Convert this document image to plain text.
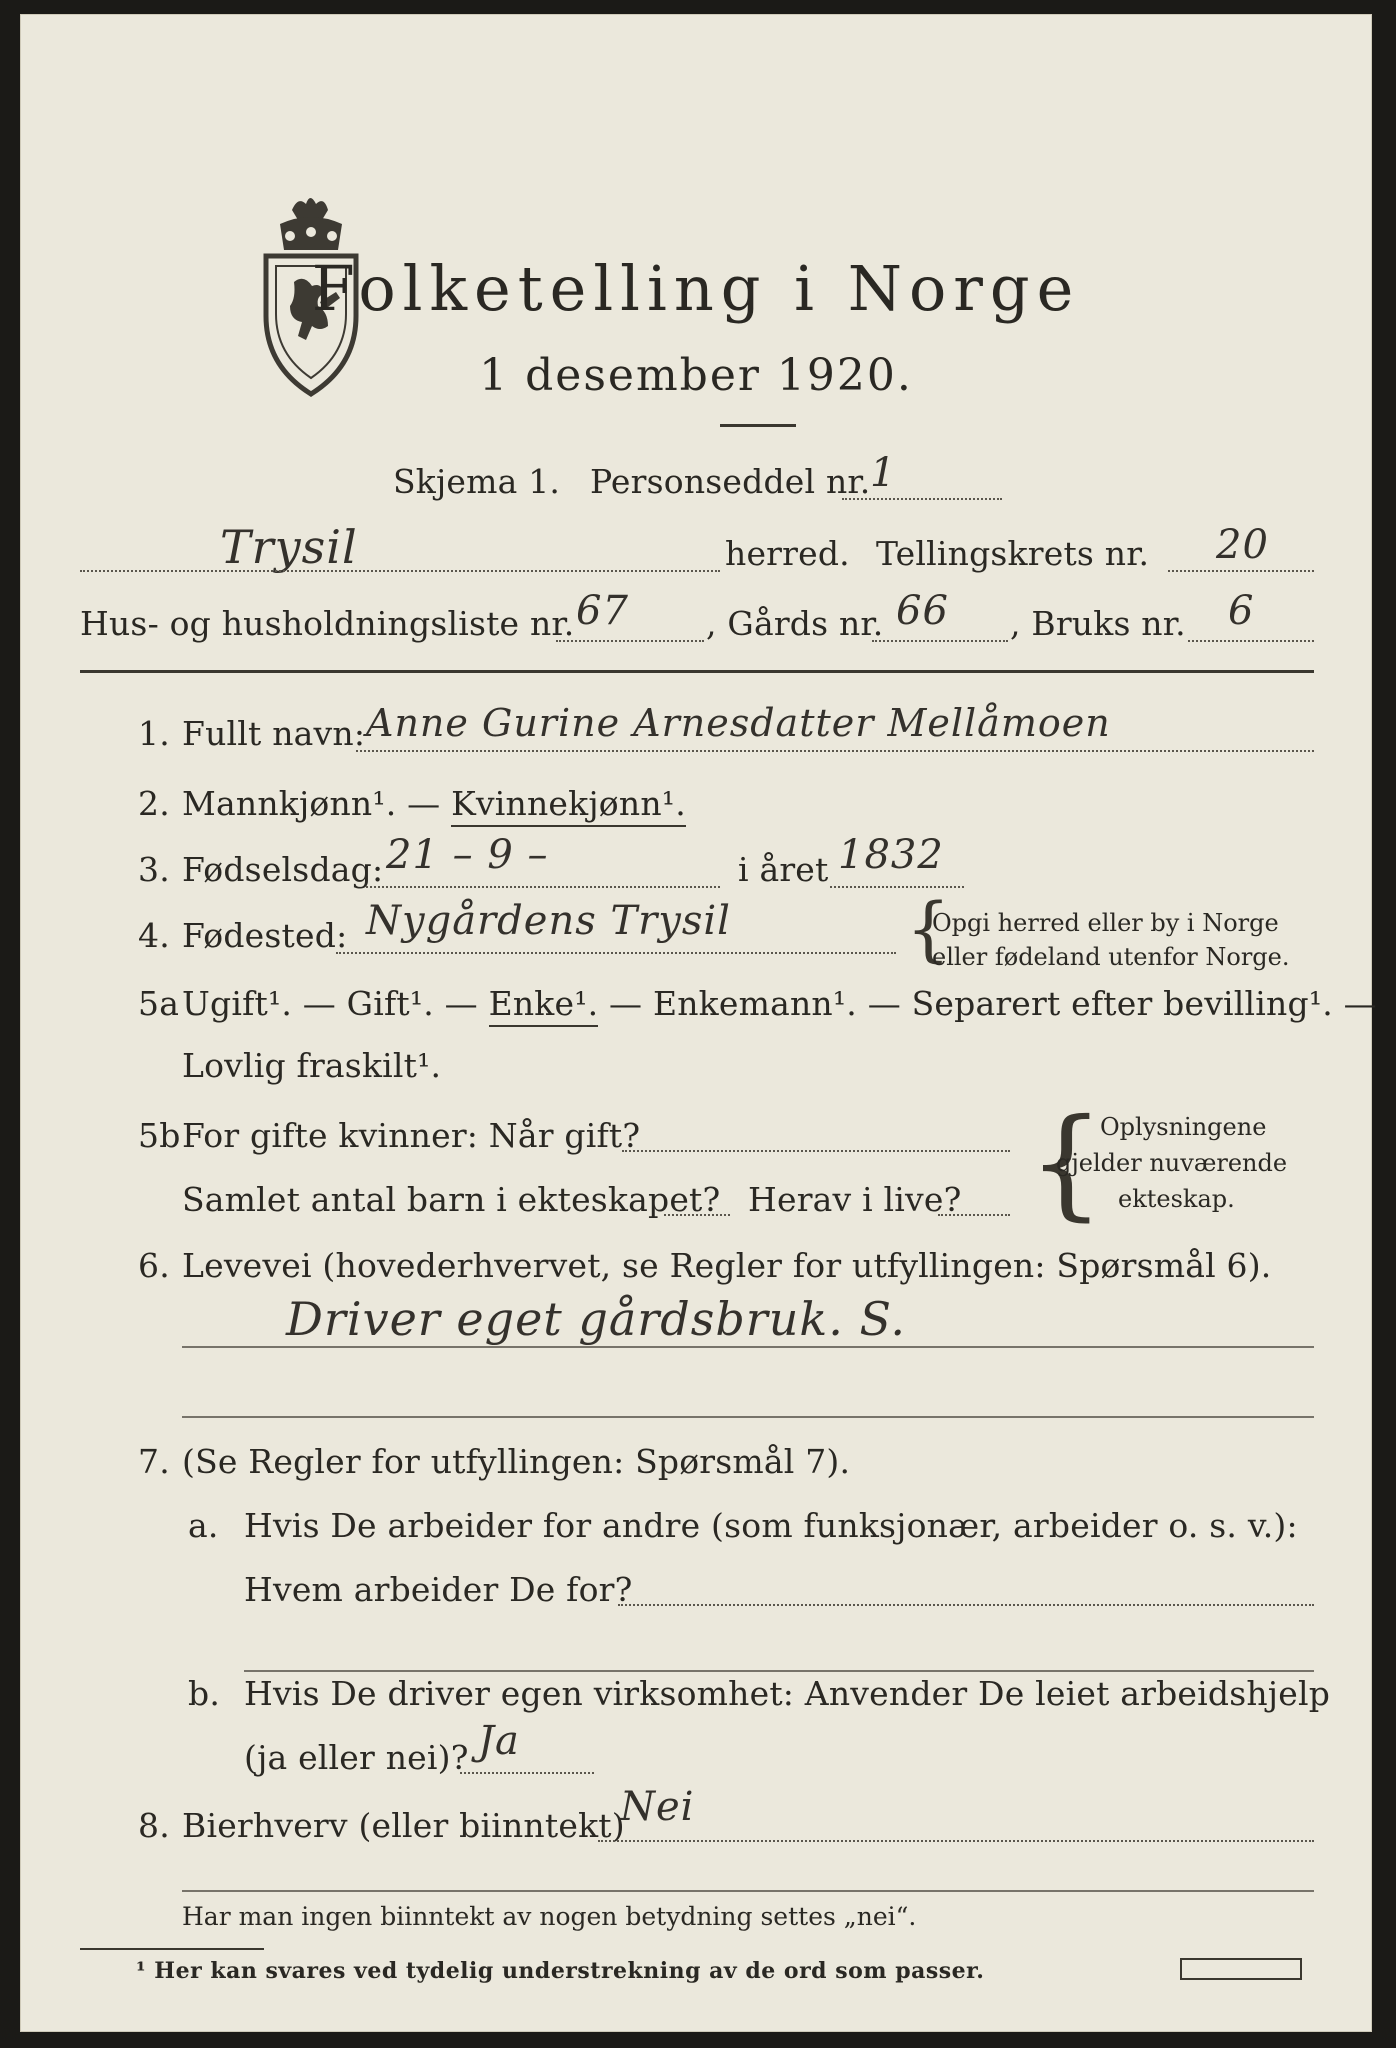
Folketelling i Norge
1 desember 1920.
Skjema 1. Personseddel nr. 1
Trysil	herred. Tellingskrets nr. 20
Hus- og husholdningsliste nr. 67 , Gårds nr. 66 , Bruks nr. 6
1. Fullt navn: Anne Gurine Arnesdatter Mellåmoen
2. Mannkjønn¹. — Kvinnekjønn¹.
3. Fødselsdag: 21 – 9 –	i året 1832
4. Fødested: Nygårdens Trysil	{
Opgi herred eller by i Norge
eller fødeland utenfor Norge.
5a Ugift¹. — Gift¹. — Enke¹. — Enkemann¹. — Separert efter bevilling¹. —
Lovlig fraskilt¹.
5b For gifte kvinner: Når gift?
Samlet antal barn i ekteskapet? Herav i live? {
Oplysningene
gjelder nuværende
ekteskap.
6. Levevei (hovederhvervet, se Regler for utfyllingen: Spørsmål 6).
Driver eget gårdsbruk. S.
7. (Se Regler for utfyllingen: Spørsmål 7).
a. Hvis De arbeider for andre (som funksjonær, arbeider o. s. v.):
Hvem arbeider De for?
b. Hvis De driver egen virksomhet: Anvender De leiet arbeidshjelp
(ja eller nei)? Ja
8. Bierhverv (eller biinntekt)
Nei
Har man ingen biinntekt av nogen betydning settes „nei“.
¹ Her kan svares ved tydelig understrekning av de ord som passer.
